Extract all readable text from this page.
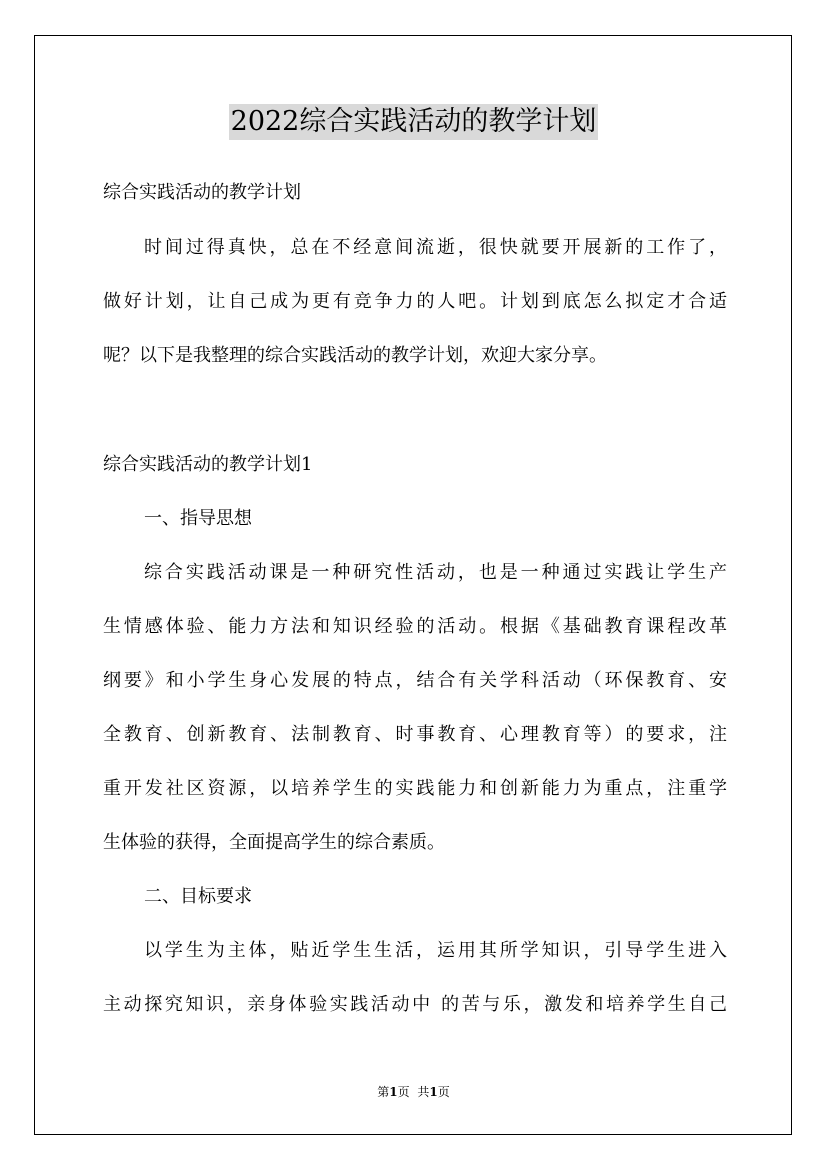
2022综合实践活动的教学计划
综合实践活动的教学计划
时间过得真快，总在不经意间流逝，很快就要开展新的工作了，
做好计划，让自己成为更有竞争力的人吧。计划到底怎么拟定才合适
呢？以下是我整理的综合实践活动的教学计划，欢迎大家分享。
综合实践活动的教学计划1
一、指导思想
综合实践活动课是一种研究性活动，也是一种通过实践让学生产
生情感体验、能力方法和知识经验的活动。根据《基础教育课程改革
纲要》和小学生身心发展的特点，结合有关学科活动（环保教育、安
全教育、创新教育、法制教育、时事教育、心理教育等）的要求，注
重开发社区资源，以培养学生的实践能力和创新能力为重点，注重学
生体验的获得，全面提高学生的综合素质。
二、目标要求
以学生为主体，贴近学生生活，运用其所学知识，引导学生进入
主动探究知识，亲身体验实践活动中 的苦与乐，激发和培养学生自己
第1页 共1页
